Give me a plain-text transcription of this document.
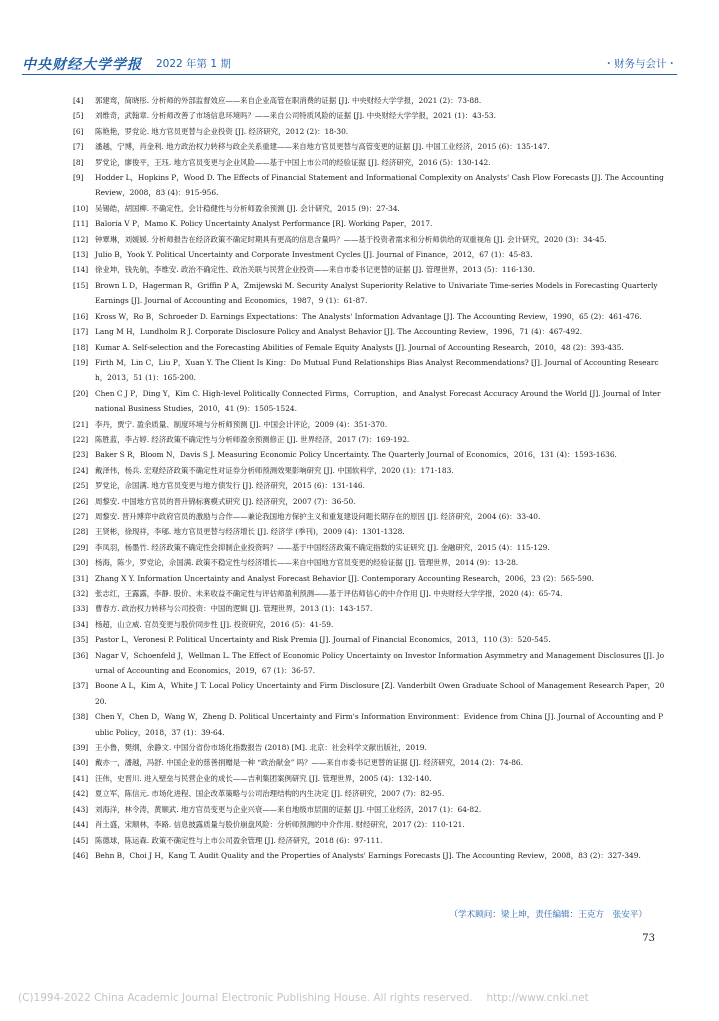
中央财经大学学报 2022 年第 1 期	・财务与会计・
[4]	郭建鸾，简晓彤. 分析师的外部监督效应——来自企业高管在职消费的证据 [J]. 中央财经大学学报，2021 (2)：73-88.
[5]	刘维奇，武翰章. 分析师改善了市场信息环境吗？——来自公司特质风险的证据 [J]. 中央财经大学学报，2021 (1)：43-53.
[6]	陈艳艳，罗党论. 地方官员更替与企业投资 [J]. 经济研究，2012 (2)：18-30.
[7]	潘越，宁博，肖金利. 地方政治权力转移与政企关系重建——来自地方官员更替与高管变更的证据 [J]. 中国工业经济，2015 (6)：135-147.
[8]	罗党论，廖俊平，王珏. 地方官员变更与企业风险——基于中国上市公司的经验证据 [J]. 经济研究，2016 (5)：130-142.
[9]	Hodder L，Hopkins P，Wood D. The Effects of Financial Statement and Informational Complexity on Analysts' Cash Flow Forecasts [J]. The Accounting Review，2008，83 (4)：915-956.
[10] 吴锡皓，胡国柳. 不确定性、会计稳健性与分析师盈余预测 [J]. 会计研究，2015 (9)：27-34.
[11] Baloria V P，Mamo K. Policy Uncertainty Analyst Performance [R]. Working Paper，2017.
[12] 钟覃琳，刘媛媛. 分析师报告在经济政策不确定时期具有更高的信息含量吗？——基于投资者需求和分析师供给的双重视角 [J]. 会计研究，2020 (3)：34-45.
[13] Julio B，Yook Y. Political Uncertainty and Corporate Investment Cycles [J]. Journal of Finance，2012，67 (1)：45-83.
[14] 徐业坤，钱先航，李维安. 政治不确定性、政治关联与民营企业投资——来自市委书记更替的证据 [J]. 管理世界，2013 (5)：116-130.
[15] Brown L D，Hagerman R，Griffin P A，Zmijewski M. Security Analyst Superiority Relative to Univariate Time-series Models in Forecasting Quarterly Earnings [J]. Journal of Accounting and Economics，1987，9 (1)：61-87.
[16] Kross W，Ro B，Schroeder D. Earnings Expectations：The Analysts' Information Advantage [J]. The Accounting Review，1990，65 (2)：461-476.
[17] Lang M H，Lundholm R J. Corporate Disclosure Policy and Analyst Behavior [J]. The Accounting Review，1996，71 (4)：467-492.
[18] Kumar A. Self-selection and the Forecasting Abilities of Female Equity Analysts [J]. Journal of Accounting Research，2010，48 (2)：393-435.
[19] Firth M，Lin C，Liu P，Xuan Y. The Client Is King：Do Mutual Fund Relationships Bias Analyst Recommendations? [J]. Journal of Accounting Research，2013，51 (1)：165-200.
[20] Chen C J P，Ding Y，Kim C. High-level Politically Connected Firms，Corruption，and Analyst Forecast Accuracy Around the World [J]. Journal of International Business Studies，2010，41 (9)：1505-1524.
[21] 李丹，贾宁. 盈余质量、制度环境与分析师预测 [J]. 中国会计评论，2009 (4)：351-370.
[22] 陈胜蓝，李占婷. 经济政策不确定性与分析师盈余预测修正 [J]. 世界经济，2017 (7)：169-192.
[23] Baker S R，Bloom N，Davis S J. Measuring Economic Policy Uncertainty. The Quarterly Journal of Economics，2016，131 (4)：1593-1636.
[24] 戴泽伟，杨兵. 宏观经济政策不确定性对证券分析师预测效果影响研究 [J]. 中国软科学，2020 (1)：171-183.
[25] 罗党论，佘国满. 地方官员变更与地方债发行 [J]. 经济研究，2015 (6)：131-146.
[26] 周黎安. 中国地方官员的晋升锦标赛模式研究 [J]. 经济研究，2007 (7)：36-50.
[27] 周黎安. 晋升博弈中政府官员的激励与合作——兼论我国地方保护主义和重复建设问题长期存在的原因 [J]. 经济研究，2004 (6)：33-40.
[28] 王贤彬，徐现祥，李郇. 地方官员更替与经济增长 [J]. 经济学 (季刊)，2009 (4)：1301-1328.
[29] 李凤羽，杨墨竹. 经济政策不确定性会抑制企业投资吗？——基于中国经济政策不确定指数的实证研究 [J]. 金融研究，2015 (4)：115-129.
[30] 杨海，陈少，罗党论，佘国满. 政策不稳定性与经济增长——来自中国地方官员变更的经验证据 [J]. 管理世界，2014 (9)：13-28.
[31] Zhang X Y. Information Uncertainty and Analyst Forecast Behavior [J]. Contemporary Accounting Research，2006，23 (2)：565-590.
[32] 张志红，王露露，李静. 股价、未来收益不确定性与评估师盈利预测——基于评估师信心的中介作用 [J]. 中央财经大学学报，2020 (4)：65-74.
[33] 曹春方. 政治权力转移与公司投资：中国的逻辑 [J]. 管理世界，2013 (1)：143-157.
[34] 杨超，山立威. 官员变更与股价同步性 [J]. 投资研究，2016 (5)：41-59.
[35] Pastor L，Veronesi P. Political Uncertainty and Risk Premia [J]. Journal of Financial Economics，2013，110 (3)：520-545.
[36] Nagar V，Schoenfeld J，Wellman L. The Effect of Economic Policy Uncertainty on Investor Information Asymmetry and Management Disclosures [J]. Journal of Accounting and Economics，2019，67 (1)：36-57.
[37] Boone A L，Kim A，White J T. Local Policy Uncertainty and Firm Disclosure [Z]. Vanderbilt Owen Graduate School of Management Research Paper，2020.
[38] Chen Y，Chen D，Wang W，Zheng D. Political Uncertainty and Firm's Information Environment：Evidence from China [J]. Journal of Accounting and Public Policy，2018，37 (1)：39-64.
[39] 王小鲁，樊纲，余静文. 中国分省份市场化指数报告 (2018) [M]. 北京：社会科学文献出版社，2019.
[40] 戴亦一，潘越，冯舒. 中国企业的慈善捐赠是一种 “政治献金” 吗？——来自市委书记更替的证据 [J]. 经济研究，2014 (2)：74-86.
[41] 汪伟，史晋川. 进入壁垒与民营企业的成长——吉利集团案例研究 [J]. 管理世界，2005 (4)：132-140.
[42] 夏立军，陈信元. 市场化进程、国企改革策略与公司治理结构的内生决定 [J]. 经济研究，2007 (7)：82-95.
[43] 刘海洋，林令涛，黄顺武. 地方官员变更与企业兴衰——来自地级市层面的证据 [J]. 中国工业经济，2017 (1)：64-82.
[44] 肖土盛，宋顺林，李路. 信息披露质量与股价崩盘风险：分析师预测的中介作用. 财经研究，2017 (2)：110-121.
[45] 陈德球，陈运森. 政策不确定性与上市公司盈余管理 [J]. 经济研究，2018 (6)：97-111.
[46] Behn B，Choi J H，Kang T. Audit Quality and the Properties of Analysts' Earnings Forecasts [J]. The Accounting Review，2008，83 (2)：327-349.
（学术顾问：梁上坤，责任编辑：王克方　张安平）
73
(C)1994-2022 China Academic Journal Electronic Publishing House. All rights reserved.　 http://www.cnki.net
